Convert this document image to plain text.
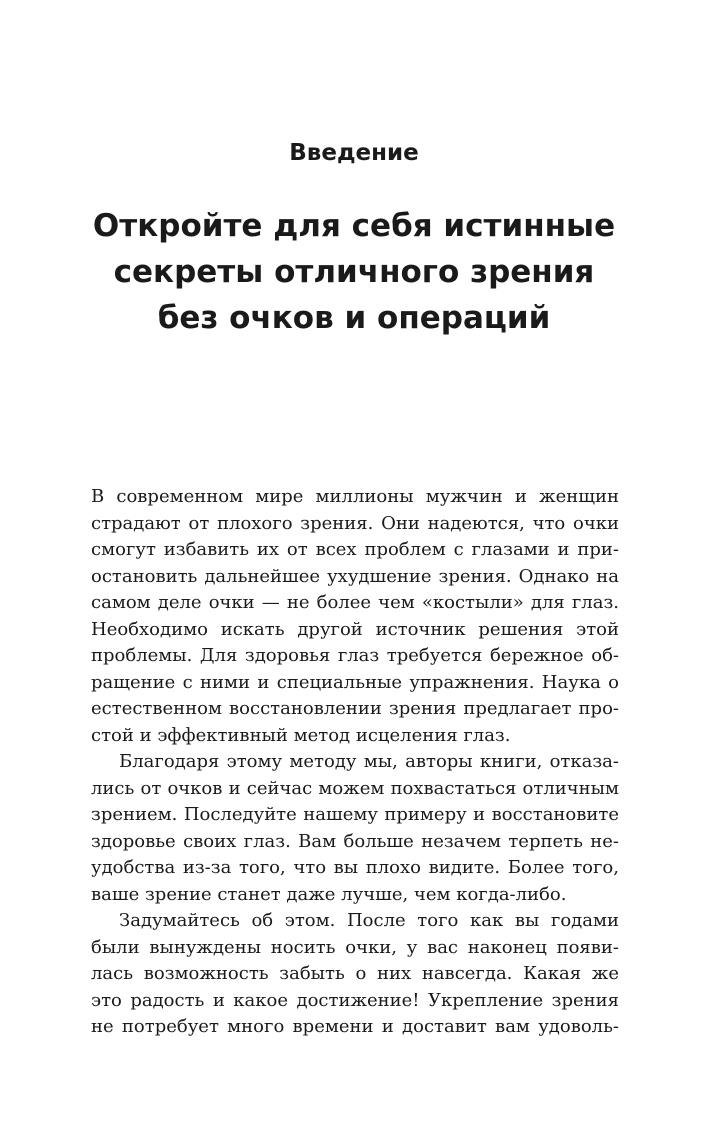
Введение
Откройте для себя истинные
секреты отличного зрения
без очков и операций
В современном мире миллионы мужчин и женщин
страдают от плохого зрения. Они надеются, что очки
смогут избавить их от всех проблем с глазами и при-
остановить дальнейшее ухудшение зрения. Однако на
самом деле очки — не более чем «костыли» для глаз.
Необходимо искать другой источник решения этой
проблемы. Для здоровья глаз требуется бережное об-
ращение с ними и специальные упражнения. Наука о
естественном восстановлении зрения предлагает про-
стой и эффективный метод исцеления глаз.
Благодаря этому методу мы, авторы книги, отказа-
лись от очков и сейчас можем похвастаться отличным
зрением. Последуйте нашему примеру и восстановите
здоровье своих глаз. Вам больше незачем терпеть не-
удобства из-за того, что вы плохо видите. Более того,
ваше зрение станет даже лучше, чем когда-либо.
Задумайтесь об этом. После того как вы годами
были вынуждены носить очки, у вас наконец появи-
лась возможность забыть о них навсегда. Какая же
это радость и какое достижение! Укрепление зрения
не потребует много времени и доставит вам удоволь-
